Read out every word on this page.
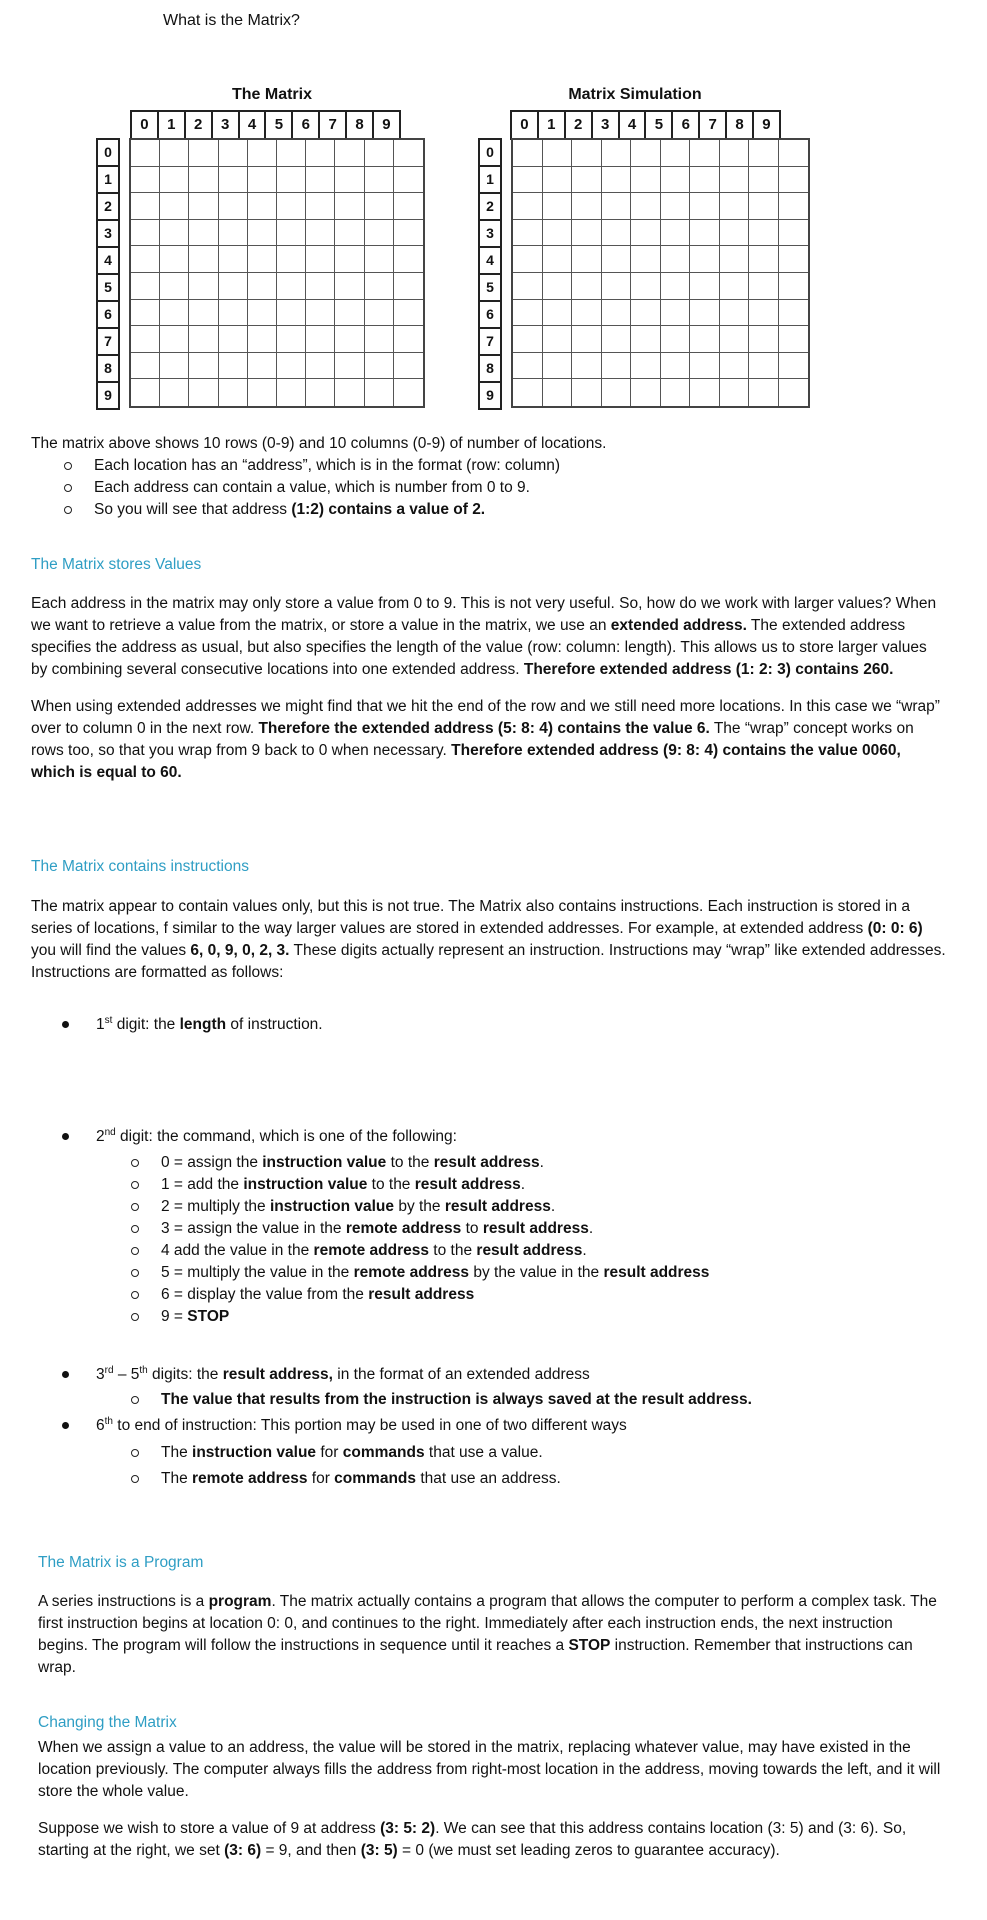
What is the Matrix?
The Matrix
0	1	2	3	4	5	6	7	8	9
0
1
2
3
4
5
6
7
8
9
Matrix Simulation
0	1	2	3	4	5	6	7	8	9
0
1
2
3
4
5
6
7
8
9

The matrix above shows 10 rows (0-9) and 10 columns (0-9) of number of locations.

Each location has an “address”, which is in the format (row: column)
Each address can contain a value, which is number from 0 to 9.
So you will see that address (1:2) contains a value of 2.
The Matrix stores Values

Each address in the matrix may only store a value from 0 to 9. This is not very useful. So, how do we work with larger values? When we want to retrieve a value from the matrix, or store a value in the matrix, we use an extended address. The extended address specifies the address as usual, but also specifies the length of the value (row: column: length). This allows us to store larger values by combining several consecutive locations into one extended address. Therefore extended address (1: 2: 3) contains 260.

When using extended addresses we might find that we hit the end of the row and we still need more locations. In this case we “wrap” over to column 0 in the next row. Therefore the extended address (5: 8: 4) contains the value 6. The “wrap” concept works on rows too, so that you wrap from 9 back to 0 when necessary. Therefore extended address (9: 8: 4) contains the value 0060, which is equal to 60.

The Matrix contains instructions

The matrix appear to contain values only, but this is not true. The Matrix also contains instructions. Each instruction is stored in a series of locations, f similar to the way larger values are stored in extended addresses. For example, at extended address (0: 0: 6) you will find the values 6, 0, 9, 0, 2, 3. These digits actually represent an instruction. Instructions may “wrap” like extended addresses. Instructions are formatted as follows:

1st digit: the length of instruction.
2nd digit: the command, which is one of the following:
0 = assign the instruction value to the result address.
1 = add the instruction value to the result address.
2 = multiply the instruction value by the result address.
3 = assign the value in the remote address to result address.
4 add the value in the remote address to the result address.
5 = multiply the value in the remote address by the value in the result address
6 = display the value from the result address
9 = STOP
3rd – 5th digits: the result address, in the format of an extended address
The value that results from the instruction is always saved at the result address.
6th to end of instruction: This portion may be used in one of two different ways
The instruction value for commands that use a value.
The remote address for commands that use an address.
The Matrix is a Program

A series instructions is a program. The matrix actually contains a program that allows the computer to perform a complex task. The first instruction begins at location 0: 0, and continues to the right. Immediately after each instruction ends, the next instruction begins. The program will follow the instructions in sequence until it reaches a STOP instruction. Remember that instructions can wrap.

Changing the Matrix

When we assign a value to an address, the value will be stored in the matrix, replacing whatever value, may have existed in the location previously. The computer always fills the address from right-most location in the address, moving towards the left, and it will store the whole value.

Suppose we wish to store a value of 9 at address (3: 5: 2). We can see that this address contains location (3: 5) and (3: 6). So, starting at the right, we set (3: 6) = 9, and then (3: 5) = 0 (we must set leading zeros to guarantee accuracy).
